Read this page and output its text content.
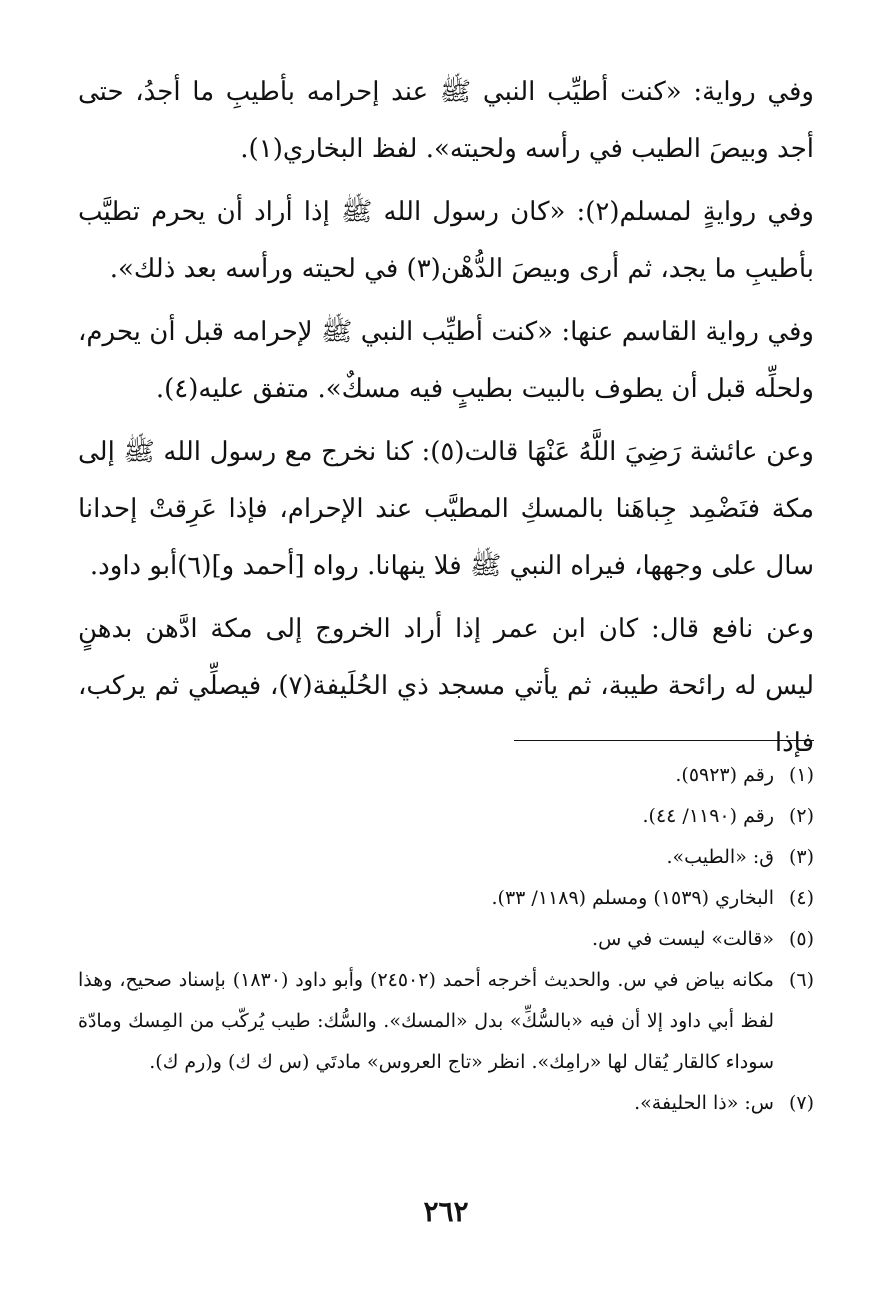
وفي رواية: «كنت أطيِّب النبي ﷺ عند إحرامه بأطيبِ ما أجدُ، حتى أجد وبيصَ الطيب في رأسه ولحيته». لفظ البخاري(١).

وفي روايةٍ لمسلم(٢): «كان رسول الله ﷺ إذا أراد أن يحرم تطيَّب بأطيبِ ما يجد، ثم أرى وبيصَ الدُّهْن(٣) في لحيته ورأسه بعد ذلك».

وفي رواية القاسم عنها: «كنت أطيِّب النبي ﷺ لإحرامه قبل أن يحرم، ولحلِّه قبل أن يطوف بالبيت بطيبٍ فيه مسكٌ». متفق عليه(٤).

وعن عائشة رَضِيَ اللَّهُ عَنْهَا قالت(٥): كنا نخرج مع رسول الله ﷺ إلى مكة فنَضْمِد جِباهَنا بالمسكِ المطيَّب عند الإحرام، فإذا عَرِقتْ إحدانا سال على وجهها، فيراه النبي ﷺ فلا ينهانا. رواه [أحمد و](٦)أبو داود.

وعن نافع قال: كان ابن عمر إذا أراد الخروج إلى مكة ادَّهن بدهنٍ ليس له رائحة طيبة، ثم يأتي مسجد ذي الحُلَيفة(٧)، فيصلِّي ثم يركب، فإذا

(١)
رقم (٥٩٢٣).
(٢)
رقم (١١٩٠/ ٤٤).
(٣)
ق: «الطيب».
(٤)
البخاري (١٥٣٩) ومسلم (١١٨٩/ ٣٣).
(٥)
«قالت» ليست في س.
(٦)
مكانه بياض في س. والحديث أخرجه أحمد (٢٤٥٠٢) وأبو داود (١٨٣٠) بإسناد صحيح، وهذا لفظ أبي داود إلا أن فيه «بالسُّكِّ» بدل «المسك». والسُّك: طيب يُركّب من المِسك ومادّة سوداء كالقار يُقال لها «رامِك». انظر «تاج العروس» مادتَي (س ك ك) و(رم ك).
(٧)
س: «ذا الحليفة».
٢٦٢
